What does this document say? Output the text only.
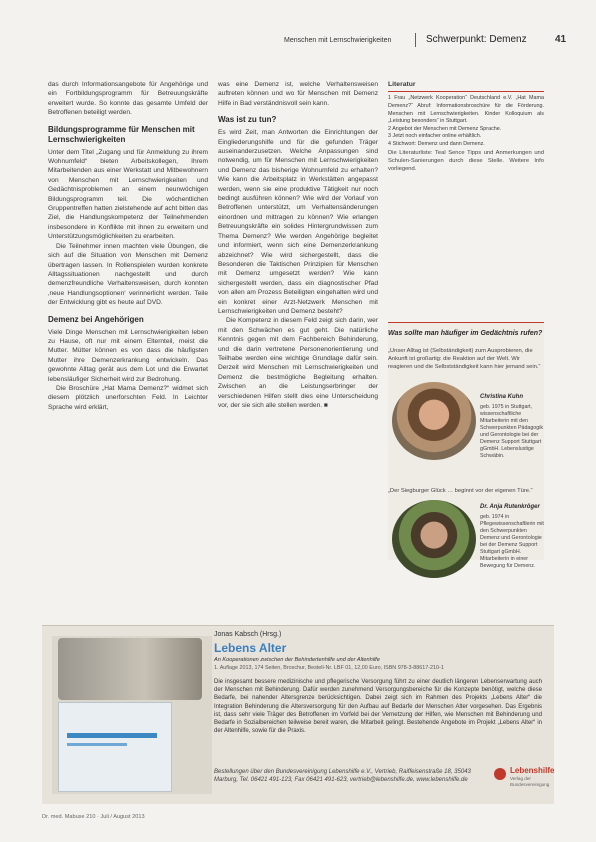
Menschen mit Lernschwierigkeiten	Schwerpunkt: Demenz	41

das durch Informationsangebote für Angehörige und ein Fortbildungsprogramm für Betreuungskräfte erweitert wurde. So konnte das gesamte Umfeld der Betroffenen beteiligt werden.

Bildungsprogramme für Menschen mit Lernschwierigkeiten

Unter dem Titel „Zugang und für Anmeldung zu ihrem Wohnumfeld“ bieten Arbeitskollegen, Ihrem Mitarbeitenden aus einer Werkstatt und Mitbewohnern von Menschen mit Lernschwierigkeiten und Gedächtnisproblemen an einem neunwöchigen Bildungsprogramm teil. Die wöchentlichen Gruppentreffen hatten zielstehende auf acht bitten das Ziel, die Handlungskompetenz der Teilnehmenden insbesondere in Konflikte mit ihnen zu erweitern und Unterstützungsmöglichkeiten zu erarbeiten.

Die Teilnehmer innen machten viele Übungen, die sich auf die Situation von Menschen mit Demenz übertragen lassen. In Rollenspielen wurden konkrete Alltagssituationen nachgestellt und durch demenzfreundliche Verhaltensweisen, durch konnten ‚neue Handlungsoptionen‘ verinnerlicht werden. Teile der Entwicklung gibt es heute auf DVD.

Demenz bei Angehörigen

Viele Dinge Menschen mit Lernschwierigkeiten leben zu Hause, oft nur mit einem Elternteil, meist die Mutter. Mütter können es von dass die häufigsten Mutter ihre Demenzerkrankung entwickeln. Das gewohnte Alltag gerät aus dem Lot und die Erwartet lebensläufiger Sicherheit wird zur Bedrohung.

Die Broschüre „Hat Mama Demenz?“ widmet sich diesem plötzlich unerforschten Feld. In Leichter Sprache wird erklärt,

was eine Demenz ist, welche Verhaltensweisen auftreten können und wo für Menschen mit Demenz Hilfe in Bad verständnisvoll sein kann.

Was ist zu tun?

Es wird Zeit, man Antworten die Einrichtungen der Eingliederungshilfe und für die gefunden Träger auseinanderzusetzen. Welche Anpassungen sind notwendig, um für Menschen mit Lernschwierigkeiten und Demenz das bisherige Wohnumfeld zu erhalten? Wie kann die Arbeitsplatz in Werkstätten angepasst werden, wenn sie eine produktive Tätigkeit nur noch bedingt ausführen können? Wie wird der Vorlauf von Betroffenen unterstützt, um Verhaltensänderungen einordnen und mittragen zu können? Wie erlangen Betreuungskräfte ein solides Hintergrundwissen zum Thema Demenz? Wie werden Angehörige begleitet und informiert, wenn sich eine Demenzerkrankung abzeichnet? Wie wird sichergestellt, dass die Besonderen die Taktischen Prinzipien für Menschen mit Demenz umgesetzt werden? Wie kann sichergestellt werden, dass ein diagnostischer Pfad von allen am Prozess Beteiligten eingehalten wird und ein konkret einer Arzt-Netzwerk Menschen mit Lernschwierigkeiten und Demenz besteht?

Die Kompetenz in diesem Feld zeigt sich darin, wer mit den Schwächen es gut geht. Die natürliche Kenntnis gegen mit dem Fachbereich Behinderung, und die darin vertretene Personenorientierung und Teilhabe werden eine wichtige Grundlage dafür sein. Derzeit wird Menschen mit Lernschwierigkeiten und Demenz die bestmögliche Begleitung erhalten. Zwischen an die Leistungserbringer der verschiedenen Hilfen stellt dies eine Unterscheidung vor, der sie sich alle stellen werden. ■

Literatur

1 Frau „Netzwerk Kooperation“ Deutschland e.V. „Hat Mama Demenz?“ Abruf: Informationsbroschüre für die Förderung. Menschen mit Lernschwierigkeiten. Kinder Kolloquium als „Leistung besonders“ in Stuttgart.

2 Angebot der Menschen mit Demenz Sprache.

3 Jetzt noch einfacher online erhältlich.

4 Stichwort: Demenz und dann Demenz.

Die Literaturliste: Teal Sence Tipps und Anmerkungen und Schulen-Sanierungen durch diese Stelle. Weitere Info vorliegend.

Was sollte man häufiger im Gedächtnis rufen?
„Unser Alltag ist (Selbständigkeit) zum Ausprobieren, die Ankunft ist großartig: die Reaktion auf der Welt. Wir reagieren und die Selbstständigkeit kann hier jemand sein.“
Christina Kuhn
geb. 1975 in Stuttgart, wissenschaftliche Mitarbeiterin mit den Schwerpunkten Pädagogik und Gerontologie bei der Demenz Support Stuttgart gGmbH. Lebenslustige Schwäbin.
„Der Siegburger Glück … beginnt vor der eigenen Türe.“
Dr. Anja Rutenkröger
geb. 1974 in Pflegewissenschaftlerin mit den Schwerpunkten Demenz und Gerontologie bei der Demenz Support Stuttgart gGmbH. Mitarbeiterin in einer Bewegung für Demenz.
Jonas Kabsch (Hrsg.)
Lebens Alter
An Kooperationen zwischen der Behindertenhilfe und der Altenhilfe
1. Auflage 2013, 174 Seiten, Broschur, Bestell-Nr. LBF 01, 12,00 Euro, ISBN 978-3-88617-210-1
Die insgesamt bessere medizinische und pflegerische Versorgung führt zu einer deutlich längeren Lebenserwartung auch der Menschen mit Behinderung. Dafür werden zunehmend Versorgungsbereiche für die Konzepte benötigt, welche diese Bedarfe, bei nahender Altersgrenze berücksichtigen. Dabei zeigt sich im Rahmen des Projekts „Lebens Alter“ die Integration Behinderung die Altersversorgung für den Aufbau auf Bedarfe der Menschen Alter vorgesehen. Das Ergebnis ist, dass sehr viele Träger des Betroffenen im Vorfeld bei der Vernetzung der Hilfen, wie Menschen mit Behinderung und Bedarfe in Sozialbereichen teilweise bereit waren, die Mitarbeit gelingt. Bestehende Angebote im Projekt „Lebens Alter“ in der Altenhilfe, sowie für die Praxis.
Bestellungen über den Bundesvereinigung Lebenshilfe e.V., Vertrieb, Raiffeisenstraße 18, 35043 Marburg, Tel. 06421 491-123, Fax 06421 491-623, vertrieb@lebenshilfe.de, www.lebenshilfe.de
Lebenshilfe
Verlag der Bundesvereinigung
Dr. med. Mabuse 210 · Juli / August 2013
